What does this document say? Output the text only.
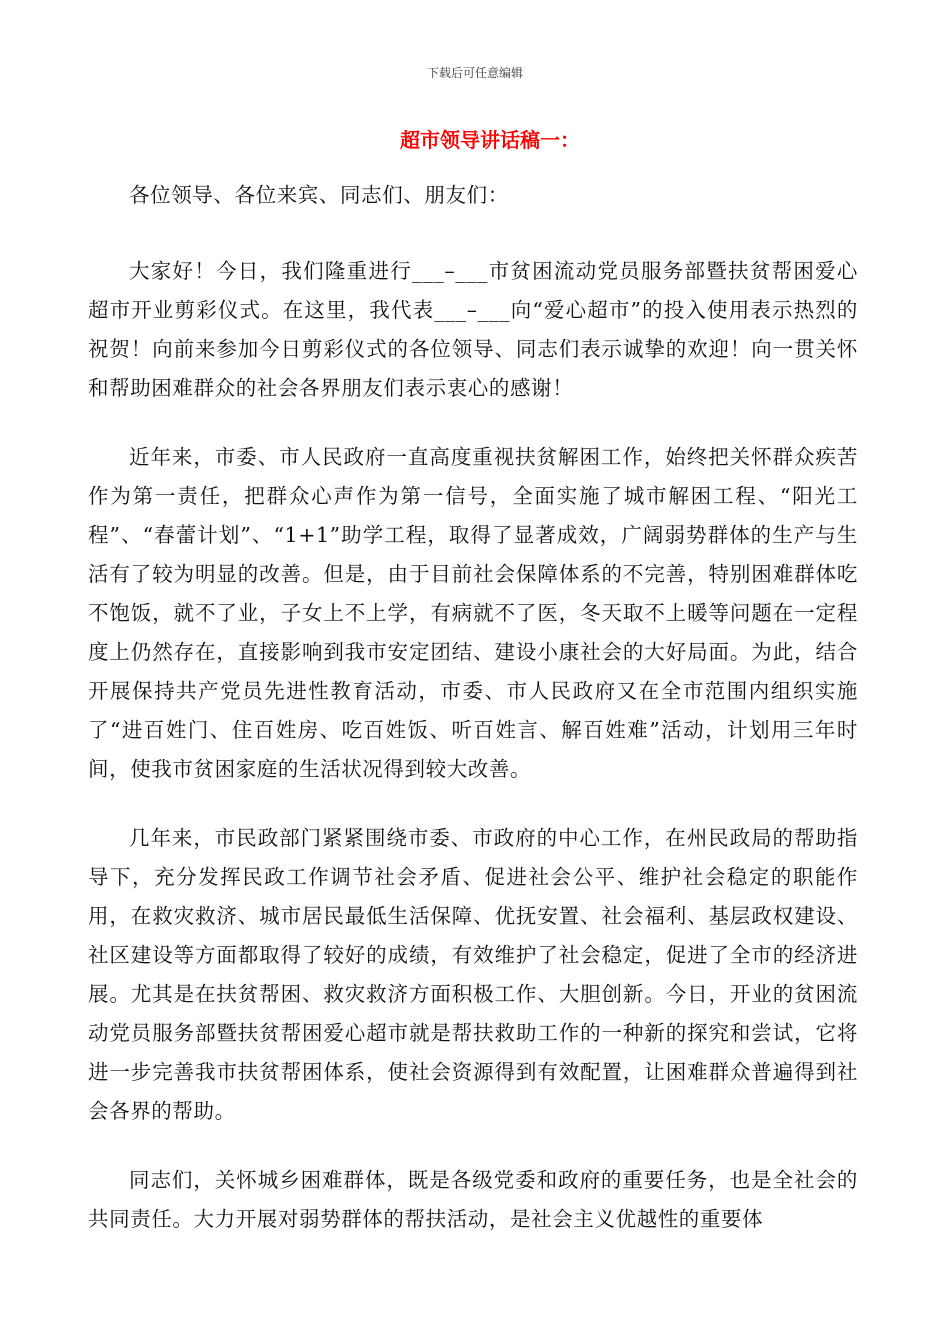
下载后可任意编辑
超市领导讲话稿一：

各位领导、各位来宾、同志们、朋友们：

大家好！今日，我们隆重进行___–___市贫困流动党员服务部暨扶贫帮困爱心超市开业剪彩仪式。在这里，我代表___–___向“爱心超市”的投入使用表示热烈的祝贺！向前来参加今日剪彩仪式的各位领导、同志们表示诚挚的欢迎！向一贯关怀和帮助困难群众的社会各界朋友们表示衷心的感谢！

近年来，市委、市人民政府一直高度重视扶贫解困工作，始终把关怀群众疾苦作为第一责任，把群众心声作为第一信号，全面实施了城市解困工程、“阳光工程”、“春蕾计划”、“1+1”助学工程，取得了显著成效，广阔弱势群体的生产与生活有了较为明显的改善。但是，由于目前社会保障体系的不完善，特别困难群体吃不饱饭，就不了业，子女上不上学，有病就不了医，冬天取不上暖等问题在一定程度上仍然存在，直接影响到我市安定团结、建设小康社会的大好局面。为此，结合开展保持共产党员先进性教育活动，市委、市人民政府又在全市范围内组织实施了“进百姓门、住百姓房、吃百姓饭、听百姓言、解百姓难”活动，计划用三年时间，使我市贫困家庭的生活状况得到较大改善。

几年来，市民政部门紧紧围绕市委、市政府的中心工作，在州民政局的帮助指导下，充分发挥民政工作调节社会矛盾、促进社会公平、维护社会稳定的职能作用，在救灾救济、城市居民最低生活保障、优抚安置、社会福利、基层政权建设、社区建设等方面都取得了较好的成绩，有效维护了社会稳定，促进了全市的经济进展。尤其是在扶贫帮困、救灾救济方面积极工作、大胆创新。今日，开业的贫困流动党员服务部暨扶贫帮困爱心超市就是帮扶救助工作的一种新的探究和尝试，它将进一步完善我市扶贫帮困体系，使社会资源得到有效配置，让困难群众普遍得到社会各界的帮助。

同志们，关怀城乡困难群体，既是各级党委和政府的重要任务，也是全社会的共同责任。大力开展对弱势群体的帮扶活动，是社会主义优越性的重要体
